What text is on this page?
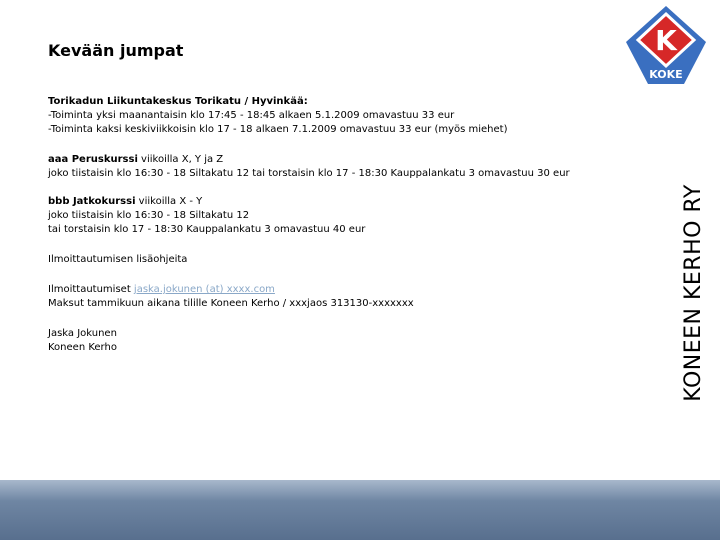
Kevään jumpat	K
KOKE
KONEEN KERHO RY

Torikadun Liikuntakeskus Torikatu / Hyvinkää:

-Toiminta yksi maanantaisin klo 17:45 - 18:45 alkaen 5.1.2009 omavastuu 33 eur

-Toiminta kaksi keskiviikkoisin klo 17 - 18 alkaen 7.1.2009 omavastuu 33 eur (myös miehet)

aaa Peruskurssi viikoilla X, Y ja Z

joko tiistaisin klo 16:30 - 18 Siltakatu 12 tai torstaisin klo 17 - 18:30 Kauppalankatu 3 omavastuu 30 eur

bbb Jatkokurssi viikoilla X - Y

joko tiistaisin klo 16:30 - 18 Siltakatu 12

tai torstaisin klo 17 - 18:30 Kauppalankatu 3 omavastuu 40 eur

Ilmoittautumisen lisäohjeita

Ilmoittautumiset jaska.jokunen (at) xxxx.com

Maksut tammikuun aikana tilille Koneen Kerho / xxxjaos 313130-xxxxxxx

Jaska Jokunen

Koneen Kerho
